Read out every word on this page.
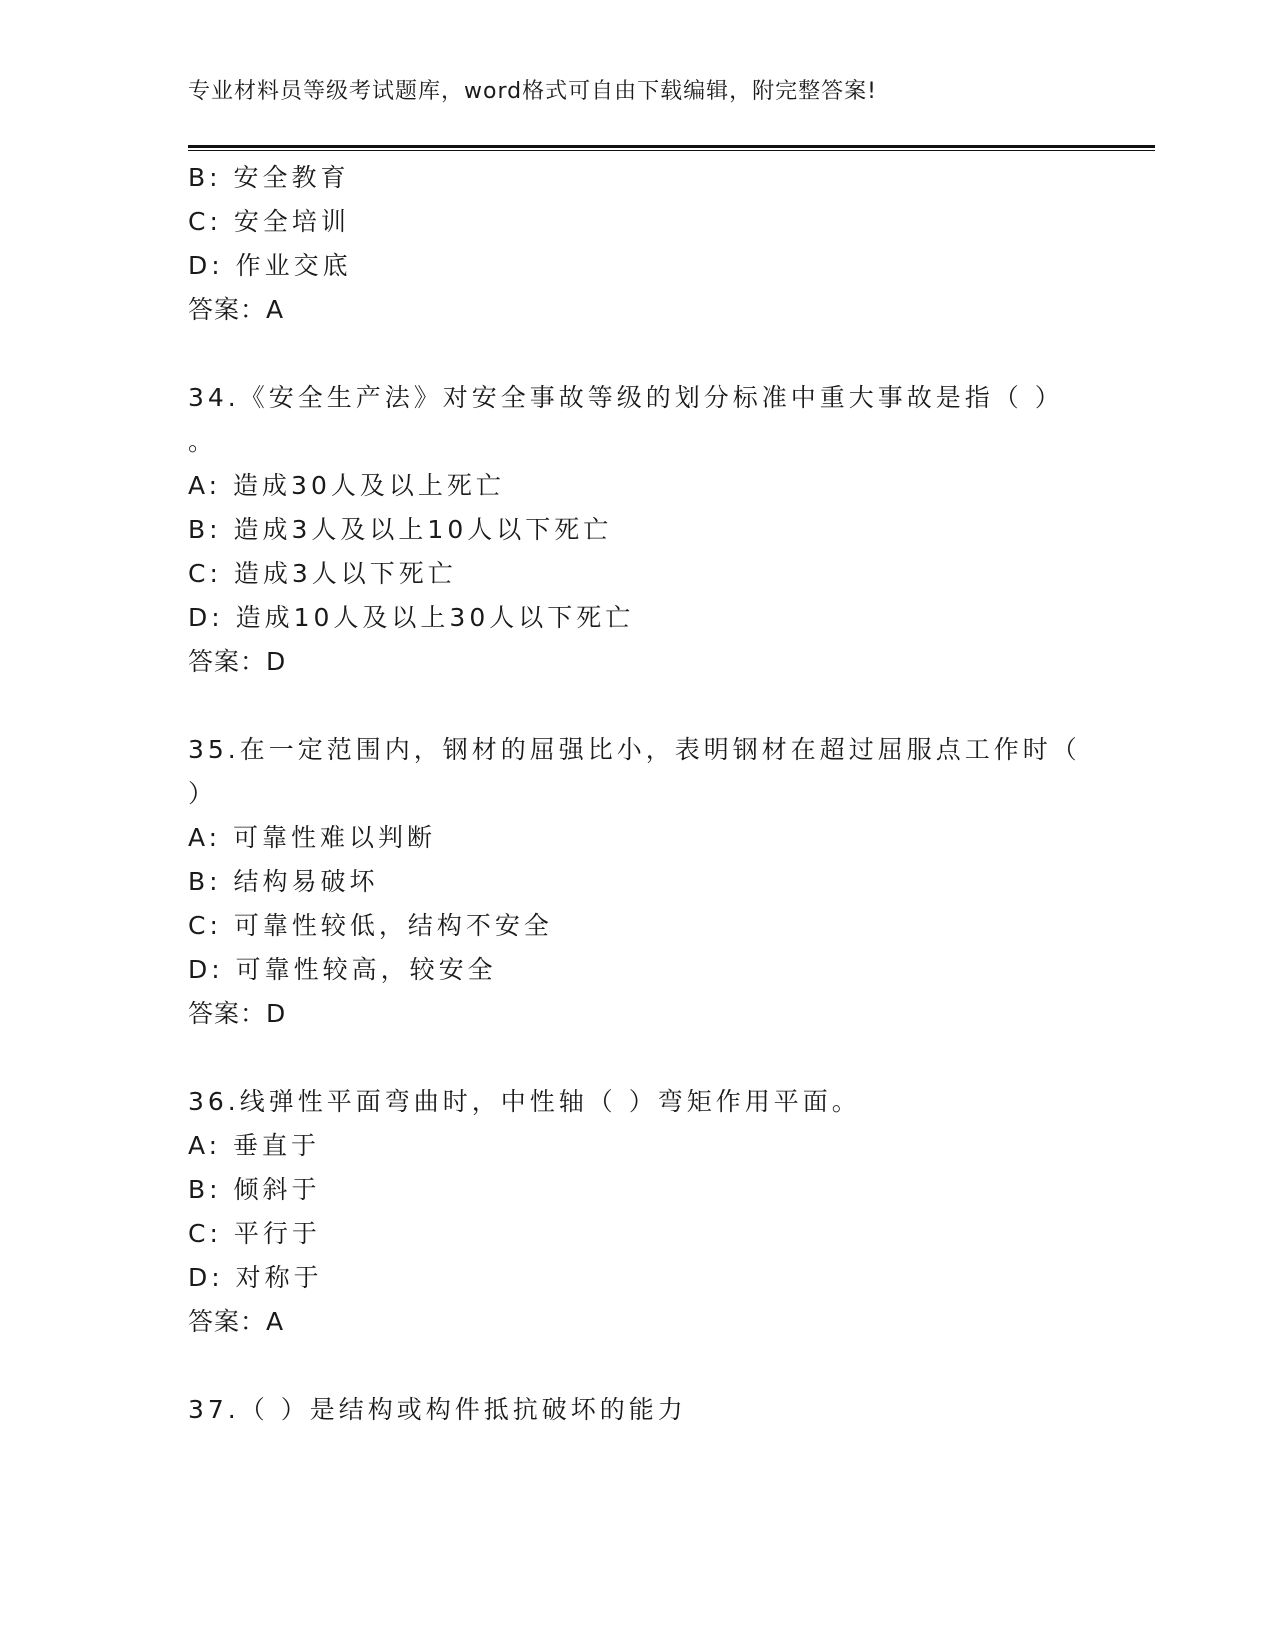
专业材料员等级考试题库，word格式可自由下载编辑，附完整答案!
B: 安全教育
C: 安全培训
D: 作业交底
答案：A
34.《安全生产法》对安全事故等级的划分标准中重大事故是指（ ）
。
A: 造成30人及以上死亡
B: 造成3人及以上10人以下死亡
C: 造成3人以下死亡
D: 造成10人及以上30人以下死亡
答案：D
35.在一定范围内，钢材的屈强比小，表明钢材在超过屈服点工作时（
）
A: 可靠性难以判断
B: 结构易破坏
C: 可靠性较低，结构不安全
D: 可靠性较高，较安全
答案：D
36.线弹性平面弯曲时，中性轴（ ）弯矩作用平面。
A: 垂直于
B: 倾斜于
C: 平行于
D: 对称于
答案：A
37.（ ）是结构或构件抵抗破坏的能力
